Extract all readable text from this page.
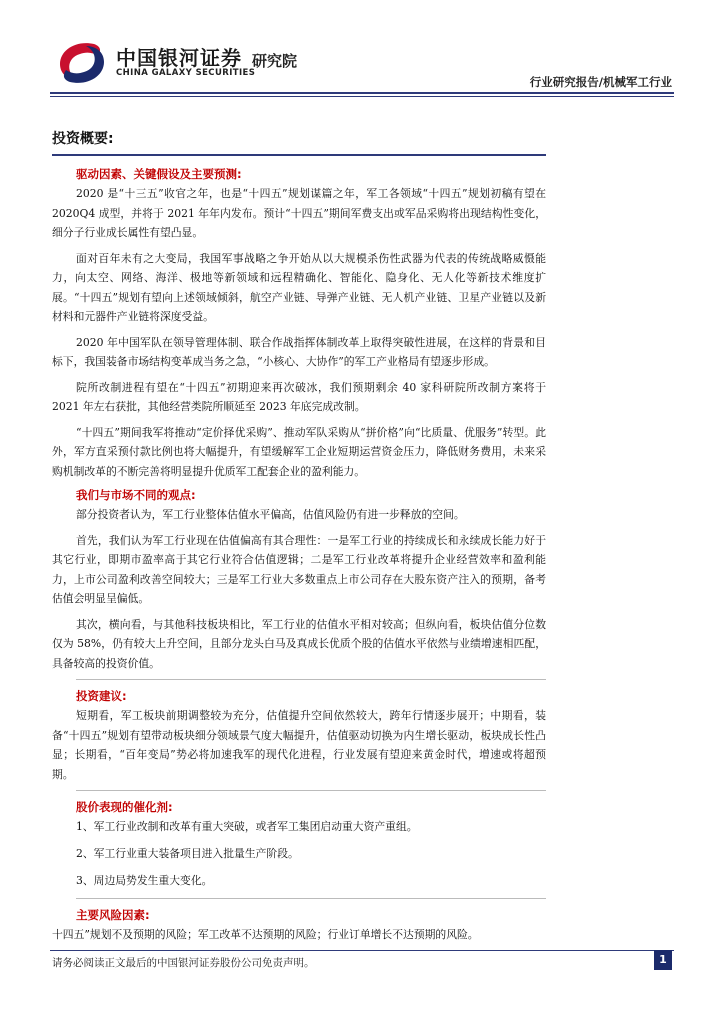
中国银河证券
CHINA GALAXY SECURITIES
研究院
行业研究报告/机械军工行业
投资概要:
驱动因素、关键假设及主要预测:

2020 是“十三五”收官之年，也是“十四五”规划谋篇之年，军工各领域“十四五”规划初稿有望在 2020Q4 成型，并将于 2021 年年内发布。预计“十四五”期间军费支出或军品采购将出现结构性变化，细分子行业成长属性有望凸显。

面对百年未有之大变局，我国军事战略之争开始从以大规模杀伤性武器为代表的传统战略威慑能力，向太空、网络、海洋、极地等新领域和远程精确化、智能化、隐身化、无人化等新技术维度扩展。“十四五”规划有望向上述领域倾斜，航空产业链、导弹产业链、无人机产业链、卫星产业链以及新材料和元器件产业链将深度受益。

2020 年中国军队在领导管理体制、联合作战指挥体制改革上取得突破性进展，在这样的背景和目标下，我国装备市场结构变革成当务之急，“小核心、大协作”的军工产业格局有望逐步形成。

院所改制进程有望在“十四五”初期迎来再次破冰，我们预期剩余 40 家科研院所改制方案将于 2021 年左右获批，其他经营类院所顺延至 2023 年底完成改制。

“十四五”期间我军将推动“定价择优采购”、推动军队采购从“拼价格”向“比质量、优服务”转型。此外，军方直采预付款比例也将大幅提升，有望缓解军工企业短期运营资金压力，降低财务费用，未来采购机制改革的不断完善将明显提升优质军工配套企业的盈利能力。

我们与市场不同的观点:

部分投资者认为，军工行业整体估值水平偏高，估值风险仍有进一步释放的空间。

首先，我们认为军工行业现在估值偏高有其合理性：一是军工行业的持续成长和永续成长能力好于其它行业，即期市盈率高于其它行业符合估值逻辑；二是军工行业改革将提升企业经营效率和盈利能力，上市公司盈利改善空间较大；三是军工行业大多数重点上市公司存在大股东资产注入的预期，备考估值会明显呈偏低。

其次，横向看，与其他科技板块相比，军工行业的估值水平相对较高；但纵向看，板块估值分位数仅为 58%，仍有较大上升空间，且部分龙头白马及真成长优质个股的估值水平依然与业绩增速相匹配，具备较高的投资价值。

投资建议:

短期看，军工板块前期调整较为充分，估值提升空间依然较大，跨年行情逐步展开；中期看，装备“十四五”规划有望带动板块细分领域景气度大幅提升，估值驱动切换为内生增长驱动，板块成长性凸显；长期看，“百年变局”势必将加速我军的现代化进程，行业发展有望迎来黄金时代，增速或将超预期。

股价表现的催化剂:
1、军工行业改制和改革有重大突破，或者军工集团启动重大资产重组。
2、军工行业重大装备项目进入批量生产阶段。
3、周边局势发生重大变化。
主要风险因素:
十四五”规划不及预期的风险；军工改革不达预期的风险；行业订单增长不达预期的风险。
请务必阅读正文最后的中国银河证券股份公司免责声明。	1
